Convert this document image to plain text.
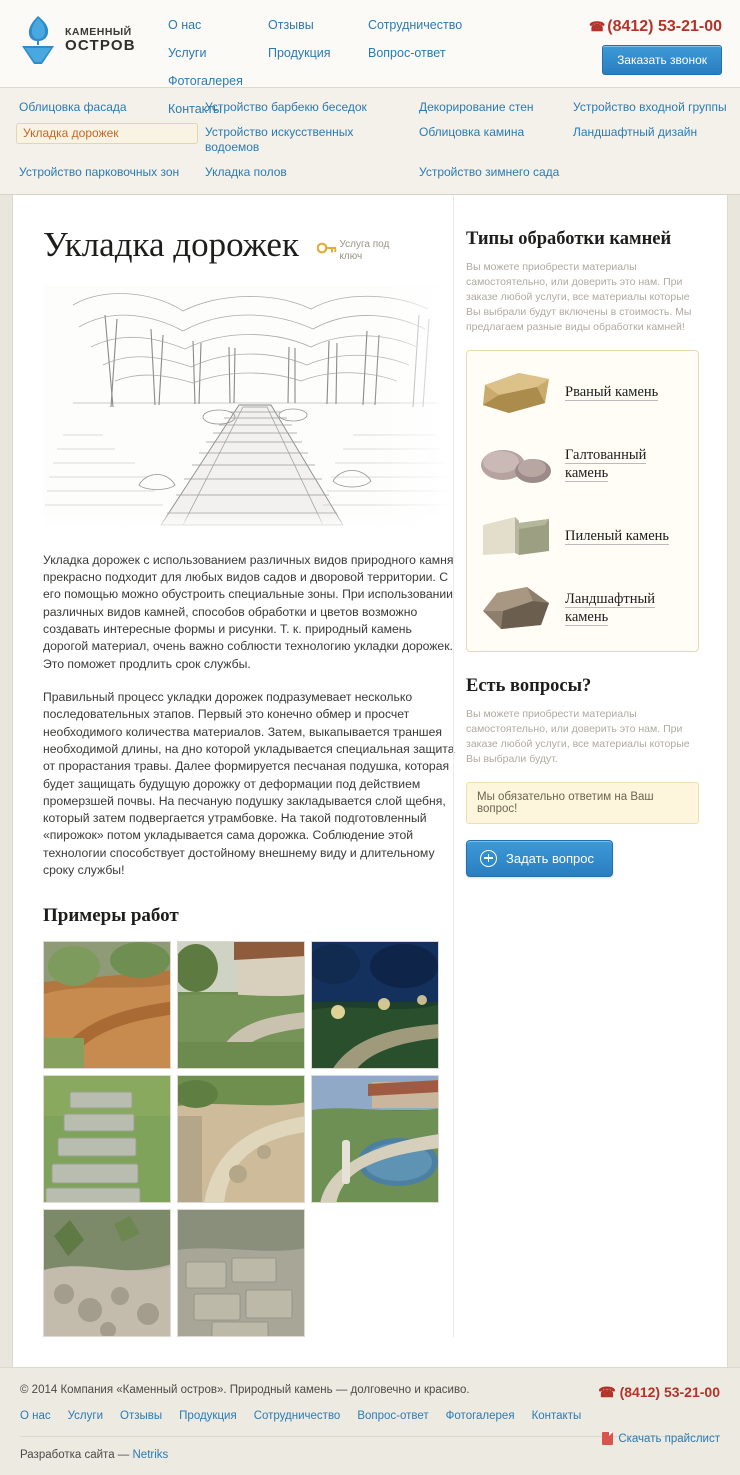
КАМЕННЫЙ
ОСТРОВ
О нас
Услуги
Отзывы
Продукция
Сотрудничество
Вопрос-ответ
Фотогалерея
Контакты
☎ (8412) 53-21-00
Заказать звонок
Облицовка фасада	Устройство барбекю беседок	Декорирование стен	Устройство входной группы
Укладка дорожек	Устройство искусственных водоемов
Облицовка камина	Ландшафтный дизайн
Устройство парковочных зон	Укладка полов	Устройство зимнего сада
Укладка дорожек	Услуга под
ключ

Укладка дорожек с использованием различных видов природного камня прекрасно подходит для любых видов садов и дворовой территории. С его помощью можно обустроить специальные зоны. При использовании различных видов камней, способов обработки и цветов возможно создавать интересные формы и рисунки. Т. к. природный камень дорогой материал, очень важно соблюсти технологию укладки дорожек. Это поможет продлить срок службы.

Правильный процесс укладки дорожек подразумевает несколько последовательных этапов. Первый это конечно обмер и просчет необходимого количества материалов. Затем, выкапывается траншея необходимой длины, на дно которой укладывается специальная защита от прорастания травы. Далее формируется песчаная подушка, которая будет защищать будущую дорожку от деформации под действием промерзшей почвы. На песчаную подушку закладывается слой щебня, который затем подвергается утрамбовке. На такой подготовленный «пирожок» потом укладывается сама дорожка. Соблюдение этой технологии способствует достойному внешнему виду и длительному сроку службы!

Примеры работ
Типы обработки камней

Вы можете приобрести материалы самостоятельно, или доверить это нам. При заказе любой услуги, все материалы которые Вы выбрали будут включены в стоимость. Мы предлагаем разные виды обработки камней!

Рваный камень
Галтованный камень
Пиленый камень
Ландшафтный камень
Есть вопросы?

Вы можете приобрести материалы самостоятельно, или доверить это нам. При заказе любой услуги, все материалы которые Вы выбрали будут.

Мы обязательно ответим на Ваш вопрос!
Задать вопрос
© 2014 Компания «Каменный остров». Природный камень — долговечно и красиво.	☎ (8412) 53-21-00
О нас Услуги Отзывы Продукция Сотрудничество Вопрос-ответ Фотогалерея Контакты
Скачать прайслист
Разработка сайта — Netriks
